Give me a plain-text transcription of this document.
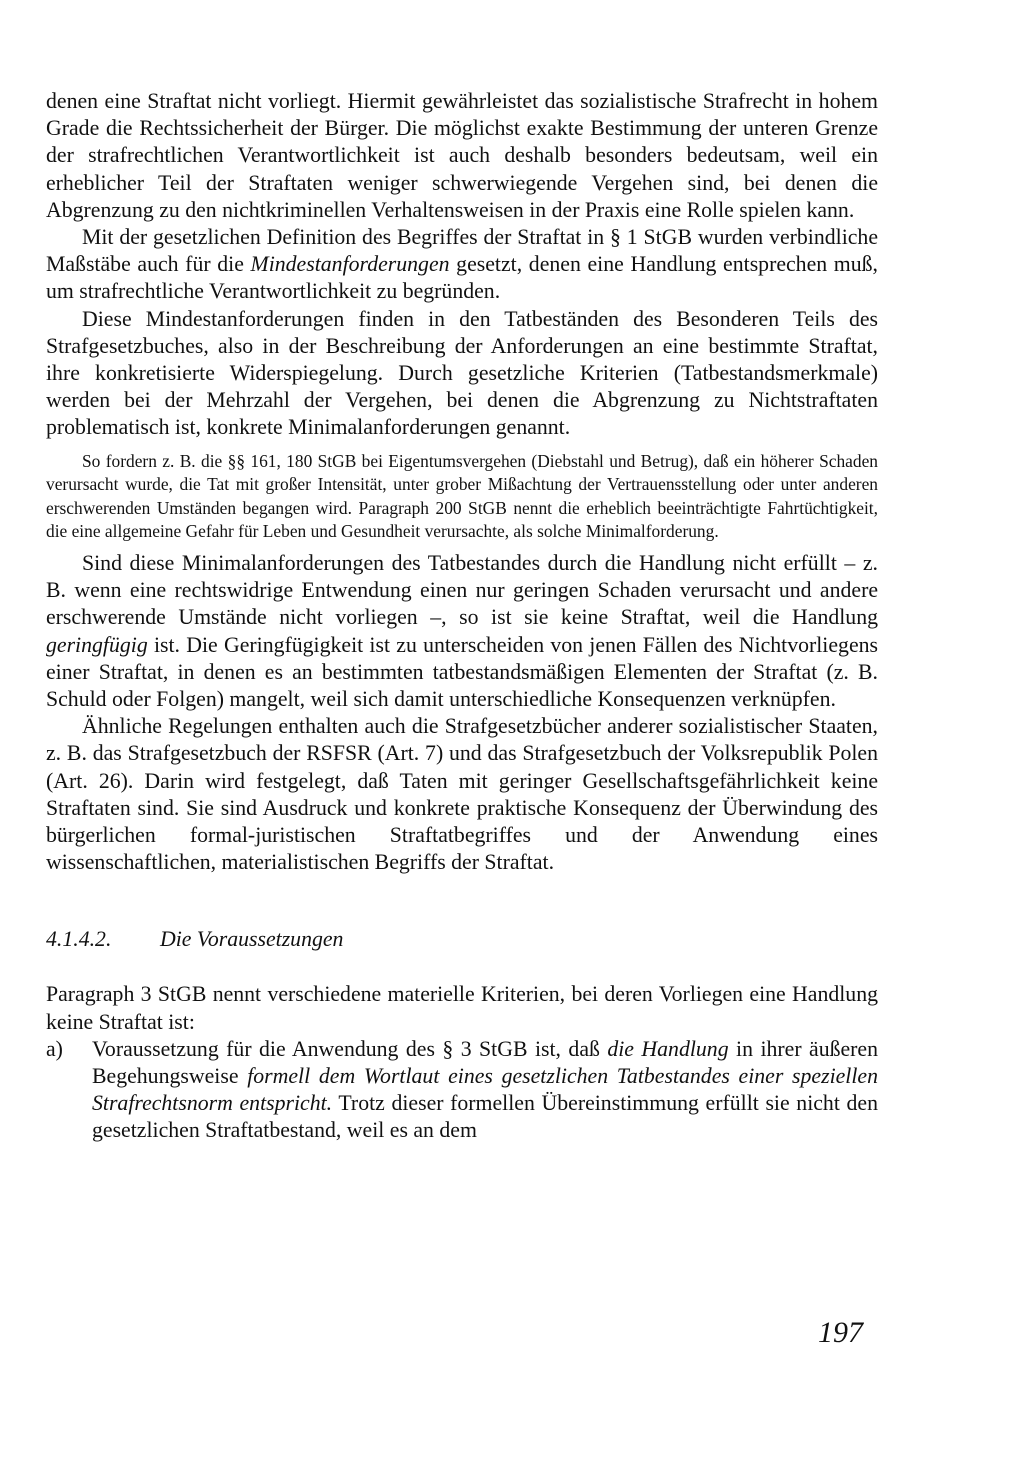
denen eine Straftat nicht vorliegt. Hiermit gewährleistet das sozialistische Strafrecht in hohem Grade die Rechtssicherheit der Bürger. Die möglichst exakte Bestimmung der unteren Grenze der strafrechtlichen Verantwortlichkeit ist auch deshalb besonders bedeutsam, weil ein erheblicher Teil der Straftaten weniger schwerwiegende Vergehen sind, bei denen die Abgrenzung zu den nichtkriminellen Verhaltensweisen in der Praxis eine Rolle spielen kann.

Mit der gesetzlichen Definition des Begriffes der Straftat in § 1 StGB wurden verbindliche Maßstäbe auch für die Mindestanforderungen gesetzt, denen eine Handlung entsprechen muß, um strafrechtliche Verantwortlichkeit zu begründen.

Diese Mindestanforderungen finden in den Tatbeständen des Besonderen Teils des Strafgesetzbuches, also in der Beschreibung der Anforderungen an eine bestimmte Straftat, ihre konkretisierte Widerspiegelung. Durch gesetzliche Kriterien (Tatbestandsmerkmale) werden bei der Mehrzahl der Vergehen, bei denen die Abgrenzung zu Nichtstraftaten problematisch ist, konkrete Minimalanforderungen genannt.

So fordern z. B. die §§ 161, 180 StGB bei Eigentumsvergehen (Diebstahl und Betrug), daß ein höherer Schaden verursacht wurde, die Tat mit großer Intensität, unter grober Mißachtung der Vertrauensstellung oder unter anderen erschwerenden Umständen begangen wird. Paragraph 200 StGB nennt die erheblich beeinträchtigte Fahrtüchtigkeit, die eine allgemeine Gefahr für Leben und Gesundheit verursachte, als solche Minimalforderung.

Sind diese Minimalanforderungen des Tatbestandes durch die Handlung nicht erfüllt – z. B. wenn eine rechtswidrige Entwendung einen nur geringen Schaden verursacht und andere erschwerende Umstände nicht vorliegen –, so ist sie keine Straftat, weil die Handlung geringfügig ist. Die Geringfügigkeit ist zu unterscheiden von jenen Fällen des Nichtvorliegens einer Straftat, in denen es an bestimmten tatbestandsmäßigen Elementen der Straftat (z. B. Schuld oder Folgen) mangelt, weil sich damit unterschiedliche Konsequenzen verknüpfen.

Ähnliche Regelungen enthalten auch die Strafgesetzbücher anderer sozialistischer Staaten, z. B. das Strafgesetzbuch der RSFSR (Art. 7) und das Strafgesetzbuch der Volksrepublik Polen (Art. 26). Darin wird festgelegt, daß Taten mit geringer Gesellschaftsgefährlichkeit keine Straftaten sind. Sie sind Ausdruck und konkrete praktische Konsequenz der Überwindung des bürgerlichen formal-juristischen Straftatbegriffes und der Anwendung eines wissenschaftlichen, materialistischen Begriffs der Straftat.

4.1.4.2.	Die Voraussetzungen

Paragraph 3 StGB nennt verschiedene materielle Kriterien, bei deren Vorliegen eine Handlung keine Straftat ist:

a)	Voraussetzung für die Anwendung des § 3 StGB ist, daß die Handlung in ihrer äußeren Begehungsweise formell dem Wortlaut eines gesetzlichen Tatbestandes einer speziellen Strafrechtsnorm entspricht. Trotz dieser formellen Übereinstimmung erfüllt sie nicht den gesetzlichen Straftatbestand, weil es an dem

197
